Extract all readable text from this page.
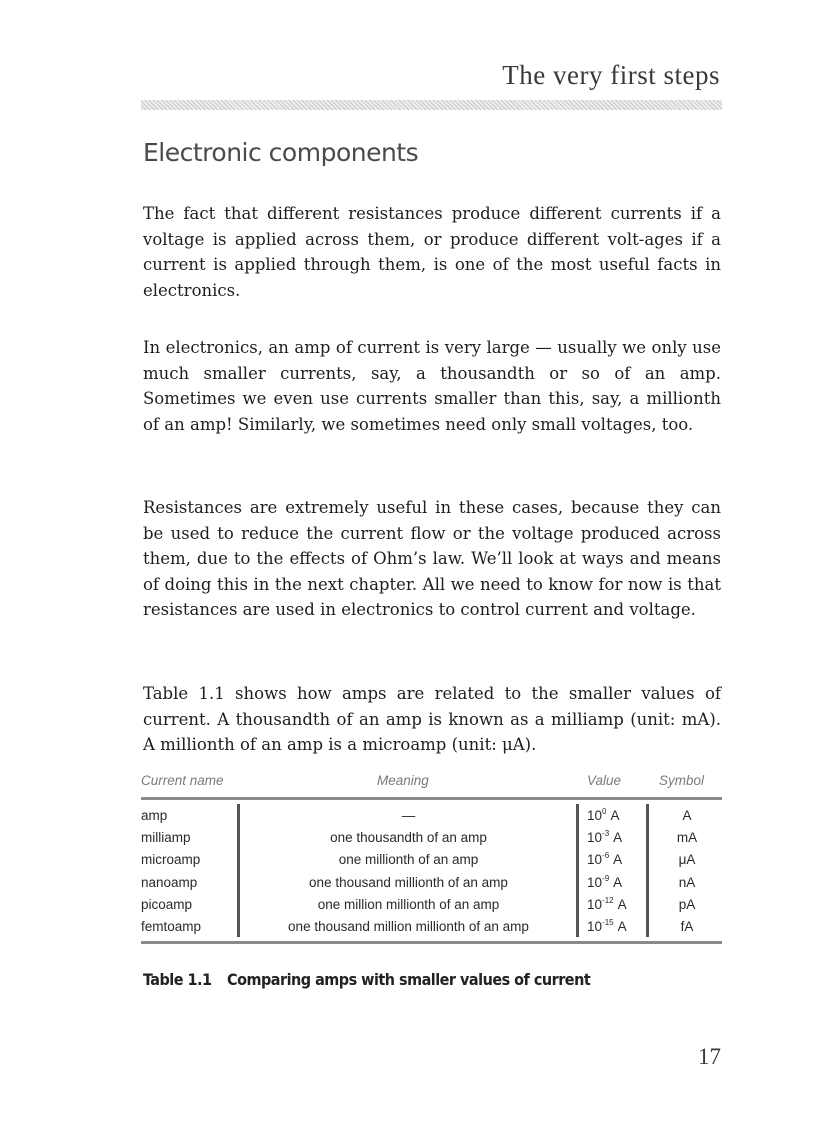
The very first steps
Electronic components

The fact that different resistances produce different currents if a voltage is applied across them, or produce different volt-ages if a current is applied through them, is one of the most useful facts in electronics.

In electronics, an amp of current is very large — usually we only use much smaller currents, say, a thousandth or so of an amp. Sometimes we even use currents smaller than this, say, a millionth of an amp! Similarly, we sometimes need only small voltages, too.

Resistances are extremely useful in these cases, because they can be used to reduce the current flow or the voltage produced across them, due to the effects of Ohm’s law. We’ll look at ways and means of doing this in the next chapter. All we need to know for now is that resistances are used in electronics to control current and voltage.

Table 1.1 shows how amps are related to the smaller values of current. A thousandth of an amp is known as a milliamp (unit: mA). A millionth of an amp is a microamp (unit: μA).

Current name	Meaning	Value	Symbol
amp	—	$10^0$ A	A
milliamp	one thousandth of an amp	$10^{-3}$ A	mA
microamp	one millionth of an amp	$10^{-6}$ A	μA
nanoamp	one thousand millionth of an amp	$10^{-9}$ A	nA
picoamp	one million millionth of an amp	$10^{-12}$ A	pA
femtoamp	one thousand million millionth of an amp	$10^{-15}$ A	fA
Table 1.1 Comparing amps with smaller values of current
17
